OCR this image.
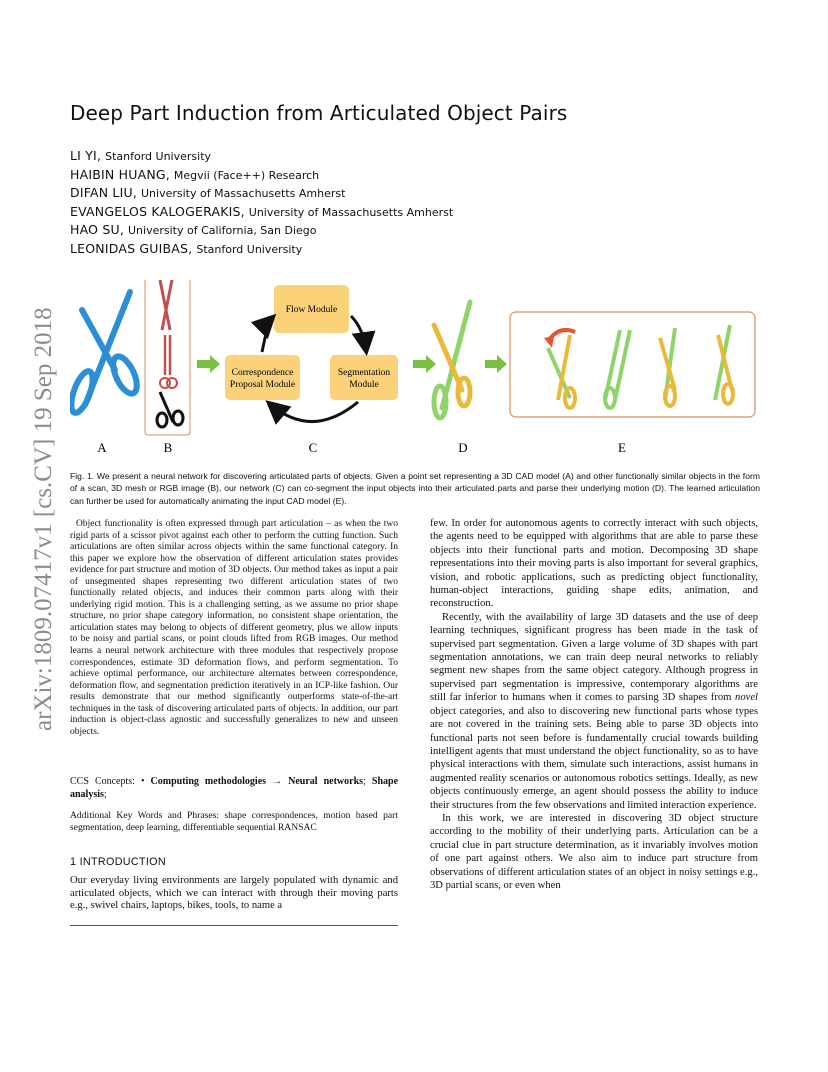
arXiv:1809.07417v1 [cs.CV] 19 Sep 2018
Deep Part Induction from Articulated Object Pairs
LI YI, Stanford University
HAIBIN HUANG, Megvii (Face++) Research
DIFAN LIU, University of Massachusetts Amherst
EVANGELOS KALOGERAKIS, University of Massachusetts Amherst
HAO SU, University of California, San Diego
LEONIDAS GUIBAS, Stanford University
Flow Module
Correspondence
Proposal Module
Segmentation
Module
A	B	C	D	E

Fig. 1. We present a neural network for discovering articulated parts of objects. Given a point set representing a 3D CAD model (A) and other functionally similar objects in the form of a scan, 3D mesh or RGB image (B), our network (C) can co-segment the input objects into their articulated parts and parse their underlying motion (D). The learned articulation can further be used for automatically animating the input CAD model (E).

Object functionality is often expressed through part articulation – as when the two rigid parts of a scissor pivot against each other to perform the cutting function. Such articulations are often similar across objects within the same functional category. In this paper we explore how the observation of different articulation states provides evidence for part structure and motion of 3D objects. Our method takes as input a pair of unsegmented shapes representing two different articulation states of two functionally related objects, and induces their common parts along with their underlying rigid motion. This is a challenging setting, as we assume no prior shape structure, no prior shape category information, no consistent shape orientation, the articulation states may belong to objects of different geometry, plus we allow inputs to be noisy and partial scans, or point clouds lifted from RGB images. Our method learns a neural network architecture with three modules that respectively propose correspondences, estimate 3D deformation flows, and perform segmentation. To achieve optimal performance, our architecture alternates between correspondence, deformation flow, and segmentation prediction iteratively in an ICP-like fashion. Our results demonstrate that our method significantly outperforms state-of-the-art techniques in the task of discovering articulated parts of objects. In addition, our part induction is object-class agnostic and successfully generalizes to new and unseen objects.

CCS Concepts: • Computing methodologies → Neural networks; Shape analysis;

Additional Key Words and Phrases: shape correspondences, motion based part segmentation, deep learning, differentiable sequential RANSAC

1 INTRODUCTION

Our everyday living environments are largely populated with dynamic and articulated objects, which we can interact with through their moving parts e.g., swivel chairs, laptops, bikes, tools, to name a

few. In order for autonomous agents to correctly interact with such objects, the agents need to be equipped with algorithms that are able to parse these objects into their functional parts and motion. Decomposing 3D shape representations into their moving parts is also important for several graphics, vision, and robotic applications, such as predicting object functionality, human-object interactions, guiding shape edits, animation, and reconstruction.

Recently, with the availability of large 3D datasets and the use of deep learning techniques, significant progress has been made in the task of supervised part segmentation. Given a large volume of 3D shapes with part segmentation annotations, we can train deep neural networks to reliably segment new shapes from the same object category. Although progress in supervised part segmentation is impressive, contemporary algorithms are still far inferior to humans when it comes to parsing 3D shapes from novel object categories, and also to discovering new functional parts whose types are not covered in the training sets. Being able to parse 3D objects into functional parts not seen before is fundamentally crucial towards building intelligent agents that must understand the object functionality, so as to have physical interactions with them, simulate such interactions, assist humans in augmented reality scenarios or autonomous robotics settings. Ideally, as new objects continuously emerge, an agent should possess the ability to induce their structures from the few observations and limited interaction experience.

In this work, we are interested in discovering 3D object structure according to the mobility of their underlying parts. Articulation can be a crucial clue in part structure determination, as it invariably involves motion of one part against others. We also aim to induce part structure from observations of different articulation states of an object in noisy settings e.g., 3D partial scans, or even when
